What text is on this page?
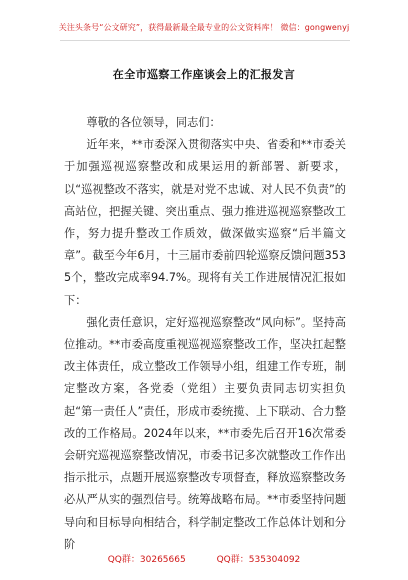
关注头条号“公文研究”，获得最新最全最专业的公文资料库！ 微信：gongwenyj
在全市巡察工作座谈会上的汇报发言

尊敬的各位领导，同志们：

近年来，**市委深入贯彻落实中央、省委和**市委关于加强巡视巡察整改和成果运用的新部署、新要求，以“巡视整改不落实，就是对党不忠诚、对人民不负责”的高站位，把握关键、突出重点、强力推进巡视巡察整改工作，努力提升整改工作质效，做深做实巡察“后半篇文章”。截至今年6月，十三届市委前四轮巡察反馈问题3535个，整改完成率94.7%。现将有关工作进展情况汇报如下：

强化责任意识，定好巡视巡察整改“风向标”。坚持高位推动。**市委高度重视巡视巡察整改工作，坚决扛起整改主体责任，成立整改工作领导小组，组建工作专班，制定整改方案，各党委（党组）主要负责同志切实担负起“第一责任人”责任，形成市委统揽、上下联动、合力整改的工作格局。2024年以来，**市委先后召开16次常委会研究巡视巡察整改情况，市委书记多次就整改工作作出指示批示，点题开展巡察整改专项督查，释放巡察整改务必从严从实的强烈信号。统筹战略布局。**市委坚持问题导向和目标导向相结合，科学制定整改工作总体计划和分阶

QQ群：30265665	QQ群：535304092
